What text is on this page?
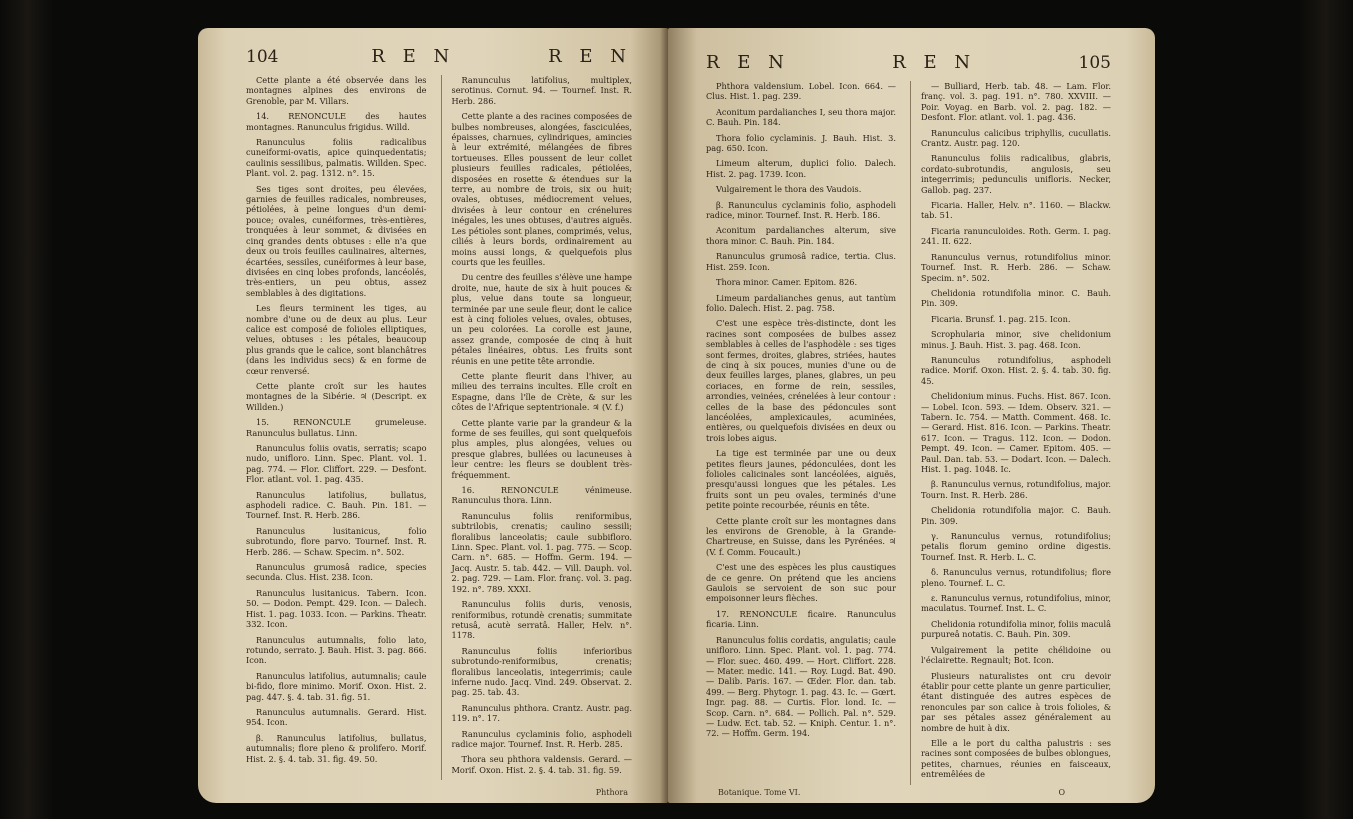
104	R E N	R E N

Cette plante a été observée dans les montagnes alpines des environs de Grenoble, par M. Villars.

14. RENONCULE des hautes montagnes. Ranunculus frigidus. Willd.

Ranunculus foliis radicalibus cuneiformi-ovatis, apice quinquedentatis; caulinis sessilibus, palmatis. Willden. Spec. Plant. vol. 2. pag. 1312. n°. 15.

Ses tiges sont droites, peu élevées, garnies de feuilles radicales, nombreuses, pétiolées, à peine longues d'un demi-pouce; ovales, cunéiformes, très-entières, tronquées à leur sommet, & divisées en cinq grandes dents obtuses : elle n'a que deux ou trois feuilles caulinaires, alternes, écartées, sessiles, cunéiformes à leur base, divisées en cinq lobes profonds, lancéolés, très-entiers, un peu obtus, assez semblables à des digitations.

Les fleurs terminent les tiges, au nombre d'une ou de deux au plus. Leur calice est composé de folioles elliptiques, velues, obtuses : les pétales, beaucoup plus grands que le calice, sont blanchâtres (dans les individus secs) & en forme de cœur renversé.

Cette plante croît sur les hautes montagnes de la Sibérie. ♃ (Descript. ex Willden.)

15. RENONCULE grumeleuse. Ranunculus bullatus. Linn.

Ranunculus foliis ovatis, serratis; scapo nudo, unifloro. Linn. Spec. Plant. vol. 1. pag. 774. — Flor. Cliffort. 229. — Desfont. Flor. atlant. vol. 1. pag. 435.

Ranunculus latifolius, bullatus, asphodeli radice. C. Bauh. Pin. 181. — Tournef. Inst. R. Herb. 286.

Ranunculus lusitanicus, folio subrotundo, flore parvo. Tournef. Inst. R. Herb. 286. — Schaw. Specim. n°. 502.

Ranunculus grumosâ radice, species secunda. Clus. Hist. 238. Icon.

Ranunculus lusitanicus. Tabern. Icon. 50. — Dodon. Pempt. 429. Icon. — Dalech. Hist. 1. pag. 1033. Icon. — Parkins. Theatr. 332. Icon.

Ranunculus autumnalis, folio lato, rotundo, serrato. J. Bauh. Hist. 3. pag. 866. Icon.

Ranunculus latifolius, autumnalis; caule bi-fido, flore minimo. Morif. Oxon. Hist. 2. pag. 447. §. 4. tab. 31. fig. 51.

Ranunculus autumnalis. Gerard. Hist. 954. Icon.

β. Ranunculus latifolius, bullatus, autumnalis; flore pleno & prolifero. Morif. Hist. 2. §. 4. tab. 31. fig. 49. 50.

Ranunculus latifolius, multiplex, serotinus. Cornut. 94. — Tournef. Inst. R. Herb. 286.

Cette plante a des racines composées de bulbes nombreuses, alongées, fasciculées, épaisses, charnues, cylindriques, amincies à leur extrémité, mélangées de fibres tortueuses. Elles poussent de leur collet plusieurs feuilles radicales, pétiolées, disposées en rosette & étendues sur la terre, au nombre de trois, six ou huit; ovales, obtuses, médiocrement velues, divisées à leur contour en crénelures inégales, les unes obtuses, d'autres aiguës. Les pétioles sont planes, comprimés, velus, ciliés à leurs bords, ordinairement au moins aussi longs, & quelquefois plus courts que les feuilles.

Du centre des feuilles s'élève une hampe droite, nue, haute de six à huit pouces & plus, velue dans toute sa longueur, terminée par une seule fleur, dont le calice est à cinq folioles velues, ovales, obtuses, un peu colorées. La corolle est jaune, assez grande, composée de cinq à huit pétales linéaires, obtus. Les fruits sont réunis en une petite tête arrondie.

Cette plante fleurit dans l'hiver, au milieu des terrains incultes. Elle croît en Espagne, dans l'île de Crète, & sur les côtes de l'Afrique septentrionale. ♃ (V. f.)

Cette plante varie par la grandeur & la forme de ses feuilles, qui sont quelquefois plus amples, plus alongées, velues ou presque glabres, bullées ou lacuneuses à leur centre: les fleurs se doublent très-fréquemment.

16. RENONCULE vénimeuse. Ranunculus thora. Linn.

Ranunculus foliis reniformibus, subtrilobis, crenatis; caulino sessili; floralibus lanceolatis; caule subbifloro. Linn. Spec. Plant. vol. 1. pag. 775. — Scop. Carn. n°. 685. — Hoffm. Germ. 194. — Jacq. Austr. 5. tab. 442. — Vill. Dauph. vol. 2. pag. 729. — Lam. Flor. franç. vol. 3. pag. 192. n°. 789. XXXI.

Ranunculus foliis duris, venosis, reniformibus, rotundè crenatis; summitate retusâ, acutè serratâ. Haller, Helv. n°. 1178.

Ranunculus foliis inferioribus subrotundo-reniformibus, crenatis; floralibus lanceolatis, integerrimis; caule inferne nudo. Jacq. Vind. 249. Observat. 2. pag. 25. tab. 43.

Ranunculus phthora. Crantz. Austr. pag. 119. n°. 17.

Ranunculus cyclaminis folio, asphodeli radice major. Tournef. Inst. R. Herb. 285.

Thora seu phthora valdensis. Gerard. — Morif. Oxon. Hist. 2. §. 4. tab. 31. fig. 59.

Phthora
R E N	R E N	105

Phthora valdensium. Lobel. Icon. 664. — Clus. Hist. 1. pag. 239.

Aconitum pardalianches I, seu thora major. C. Bauh. Pin. 184.

Thora folio cyclaminis. J. Bauh. Hist. 3. pag. 650. Icon.

Limeum alterum, duplici folio. Dalech. Hist. 2. pag. 1739. Icon.

Vulgairement le thora des Vaudois.

β. Ranunculus cyclaminis folio, asphodeli radice, minor. Tournef. Inst. R. Herb. 186.

Aconitum pardalianches alterum, sive thora minor. C. Bauh. Pin. 184.

Ranunculus grumosâ radice, tertia. Clus. Hist. 259. Icon.

Thora minor. Camer. Epitom. 826.

Limeum pardalianches genus, aut tantùm folio. Dalech. Hist. 2. pag. 758.

C'est une espèce très-distincte, dont les racines sont composées de bulbes assez semblables à celles de l'asphodèle : ses tiges sont fermes, droites, glabres, striées, hautes de cinq à six pouces, munies d'une ou de deux feuilles larges, planes, glabres, un peu coriaces, en forme de rein, sessiles, arrondies, veinées, crénelées à leur contour : celles de la base des pédoncules sont lancéolées, amplexicaules, acuminées, entières, ou quelquefois divisées en deux ou trois lobes aigus.

La tige est terminée par une ou deux petites fleurs jaunes, pédonculées, dont les folioles calicinales sont lancéolées, aiguës, presqu'aussi longues que les pétales. Les fruits sont un peu ovales, terminés d'une petite pointe recourbée, réunis en tête.

Cette plante croît sur les montagnes dans les environs de Grenoble, à la Grande-Chartreuse, en Suisse, dans les Pyrénées. ♃ (V. f. Comm. Foucault.)

C'est une des espèces les plus caustiques de ce genre. On prétend que les anciens Gaulois se servoient de son suc pour empoisonner leurs flèches.

17. RENONCULE ficaire. Ranunculus ficaria. Linn.

Ranunculus foliis cordatis, angulatis; caule unifloro. Linn. Spec. Plant. vol. 1. pag. 774. — Flor. suec. 460. 499. — Hort. Cliffort. 228. — Mater. medic. 141. — Roy. Lugd. Bat. 490. — Dalib. Paris. 167. — Œder. Flor. dan. tab. 499. — Berg. Phytogr. 1. pag. 43. Ic. — Gœrt. Ingr. pag. 88. — Curtis. Flor. lond. Ic. — Scop. Carn. n°. 684. — Pollich. Pal. n°. 529. — Ludw. Ect. tab. 52. — Kniph. Centur. 1. n°. 72. — Hoffm. Germ. 194.

— Bulliard, Herb. tab. 48. — Lam. Flor. franç. vol. 3. pag. 191. n°. 780. XXVIII. — Poir. Voyag. en Barb. vol. 2. pag. 182. — Desfont. Flor. atlant. vol. 1. pag. 436.

Ranunculus calicibus triphyllis, cucullatis. Crantz. Austr. pag. 120.

Ranunculus foliis radicalibus, glabris, cordato-subrotundis, angulosis, seu integerrimis; pedunculis unifloris. Necker, Gallob. pag. 237.

Ficaria. Haller, Helv. n°. 1160. — Blackw. tab. 51.

Ficaria ranunculoides. Roth. Germ. I. pag. 241. II. 622.

Ranunculus vernus, rotundifolius minor. Tournef. Inst. R. Herb. 286. — Schaw. Specim. n°. 502.

Chelidonia rotundifolia minor. C. Bauh. Pin. 309.

Ficaria. Brunsf. 1. pag. 215. Icon.

Scrophularia minor, sive chelidonium minus. J. Bauh. Hist. 3. pag. 468. Icon.

Ranunculus rotundifolius, asphodeli radice. Morif. Oxon. Hist. 2. §. 4. tab. 30. fig. 45.

Chelidonium minus. Fuchs. Hist. 867. Icon. — Lobel. Icon. 593. — Idem. Observ. 321. — Tabern. Ic. 754. — Matth. Comment. 468. Ic. — Gerard. Hist. 816. Icon. — Parkins. Theatr. 617. Icon. — Tragus. 112. Icon. — Dodon. Pempt. 49. Icon. — Camer. Epitom. 405. — Paul. Dan. tab. 53. — Dodart. Icon. — Dalech. Hist. 1. pag. 1048. Ic.

β. Ranunculus vernus, rotundifolius, major. Tourn. Inst. R. Herb. 286.

Chelidonia rotundifolia major. C. Bauh. Pin. 309.

γ. Ranunculus vernus, rotundifolius; petalis florum gemino ordine digestis. Tournef. Inst. R. Herb. L. C.

δ. Ranunculus vernus, rotundifolius; flore pleno. Tournef. L. C.

ε. Ranunculus vernus, rotundifolius, minor, maculatus. Tournef. Inst. L. C.

Chelidonia rotundifolia minor, foliis maculâ purpureâ notatis. C. Bauh. Pin. 309.

Vulgairement la petite chélidoine ou l'éclairette. Regnault; Bot. Icon.

Plusieurs naturalistes ont cru devoir établir pour cette plante un genre particulier, étant distinguée des autres espèces de renoncules par son calice à trois folioles, & par ses pétales assez généralement au nombre de huit à dix.

Elle a le port du caltha palustris : ses racines sont composées de bulbes oblongues, petites, charnues, réunies en faisceaux, entremêlées de

Botanique. Tome VI.	O
